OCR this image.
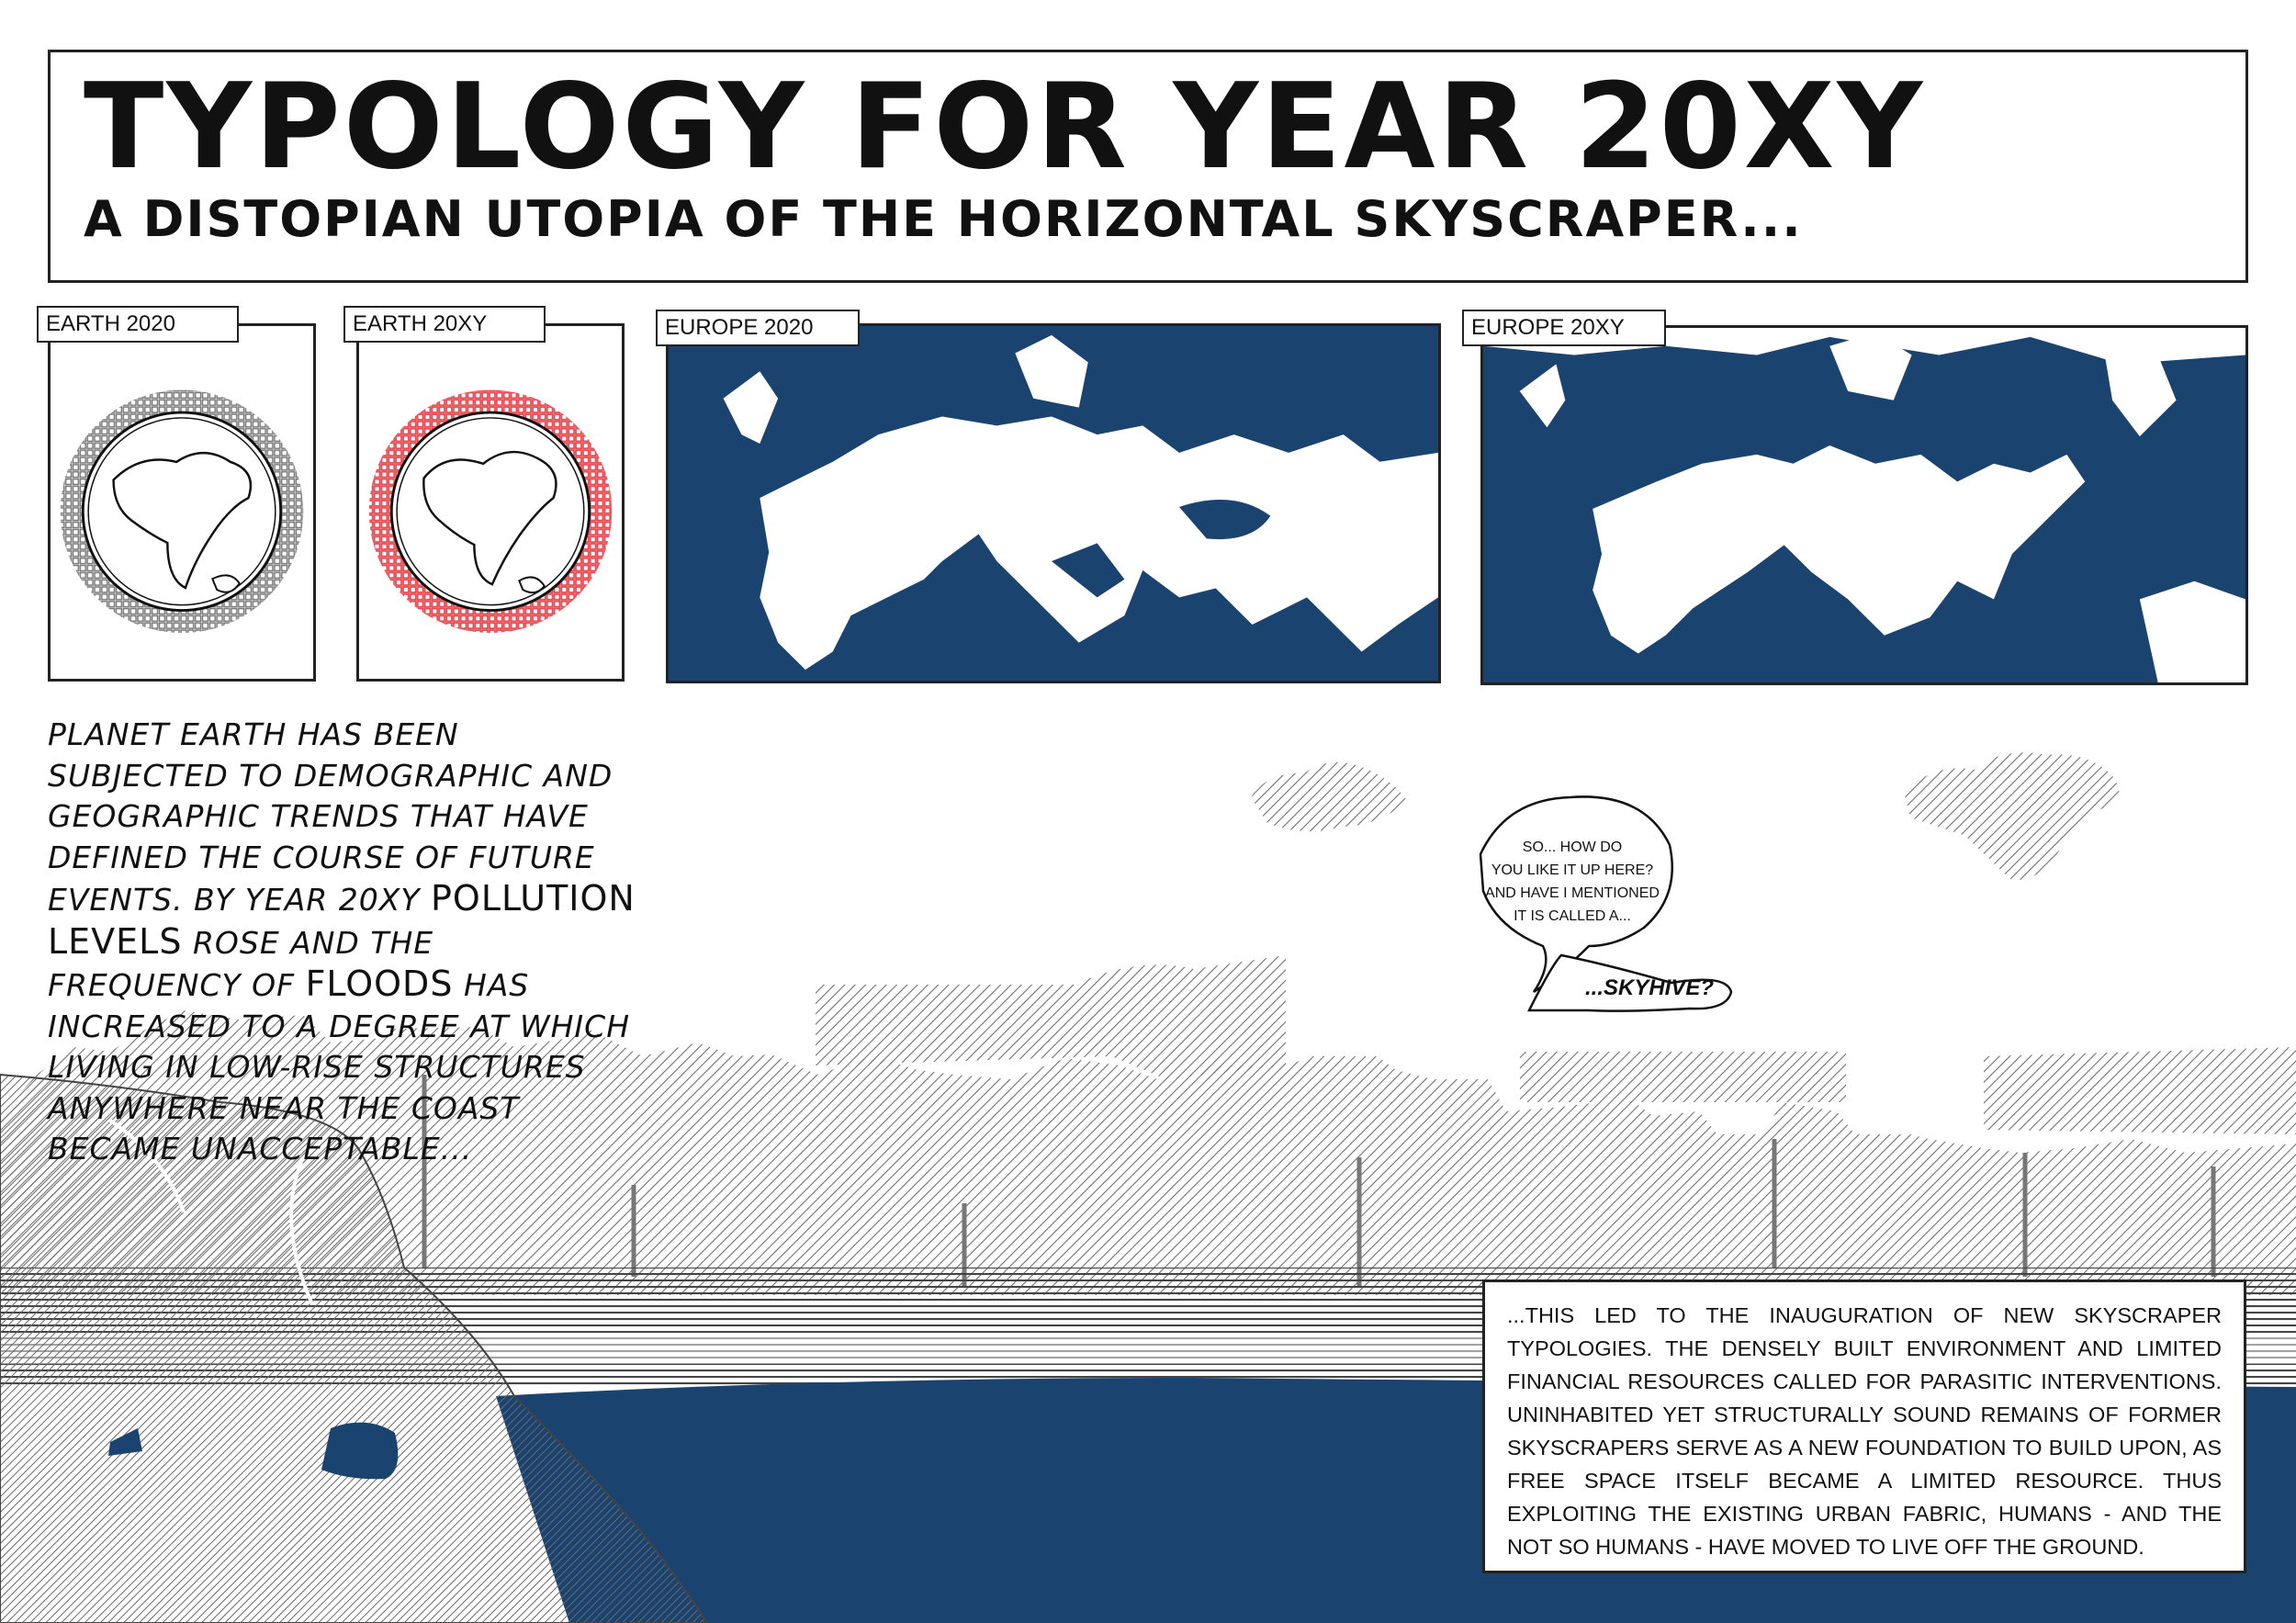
TYPOLOGY FOR YEAR 20XY
A DISTOPIAN UTOPIA OF THE HORIZONTAL SKYSCRAPER...
EARTH 2020	EARTH 20XY	EUROPE 2020	EUROPE 20XY

PLANET EARTH HAS BEEN SUBJECTED TO DEMOGRAPHIC AND GEOGRAPHIC TRENDS THAT HAVE DEFINED THE COURSE OF FUTURE EVENTS. BY YEAR 20XY POLLUTION LEVELS ROSE AND THE FREQUENCY OF FLOODS HAS INCREASED TO A DEGREE AT WHICH LIVING IN LOW-RISE STRUCTURES ANYWHERE NEAR THE COAST BECAME UNACCEPTABLE...

SO... HOW DO
YOU LIKE IT UP HERE?
AND HAVE I MENTIONED
IT IS CALLED A...
...SKYHIVE?

...THIS LED TO THE INAUGURATION OF NEW SKYSCRAPER TYPOLOGIES. THE DENSELY BUILT ENVIRONMENT AND LIMITED FINANCIAL RESOURCES CALLED FOR PARASITIC INTERVENTIONS. UNINHABITED YET STRUCTURALLY SOUND REMAINS OF FORMER SKYSCRAPERS SERVE AS A NEW FOUNDATION TO BUILD UPON, AS FREE SPACE ITSELF BECAME A LIMITED RESOURCE. THUS EXPLOITING THE EXISTING URBAN FABRIC, HUMANS - AND THE NOT SO HUMANS - HAVE MOVED TO LIVE OFF THE GROUND.
